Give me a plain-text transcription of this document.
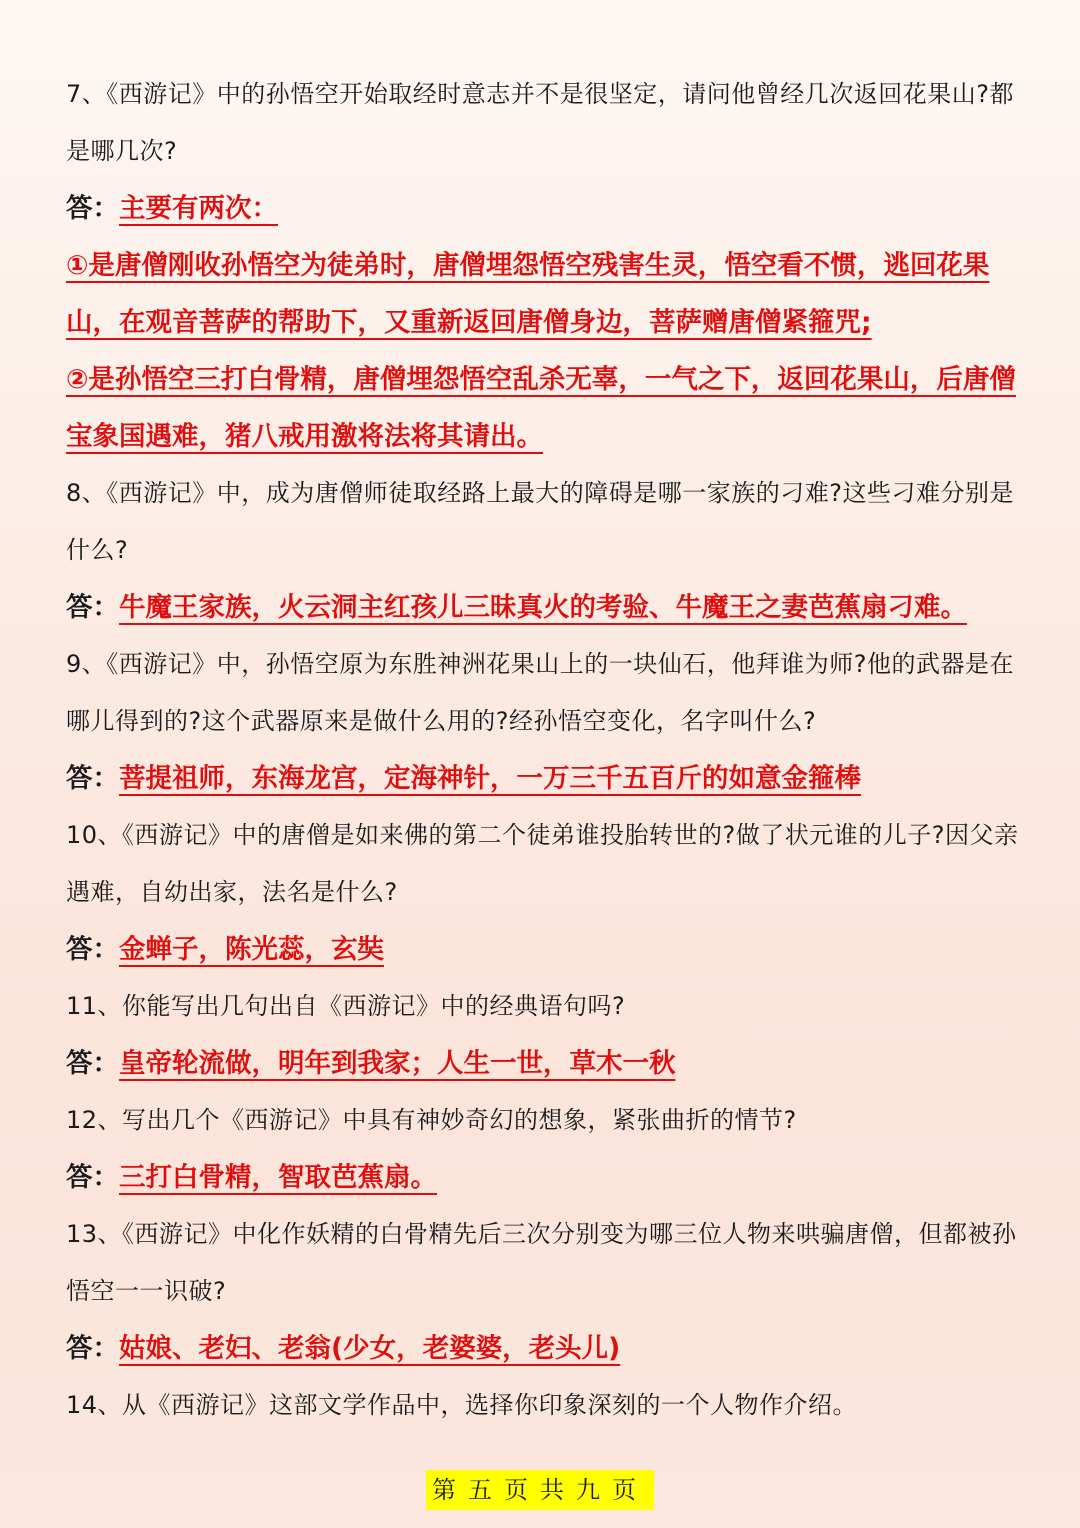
7、《西游记》中的孙悟空开始取经时意志并不是很坚定，请问他曾经几次返回花果山?都是哪几次?

答：主要有两次：

①是唐僧刚收孙悟空为徒弟时，唐僧埋怨悟空残害生灵，悟空看不惯，逃回花果山，在观音菩萨的帮助下，又重新返回唐僧身边，菩萨赠唐僧紧箍咒;

②是孙悟空三打白骨精，唐僧埋怨悟空乱杀无辜，一气之下，返回花果山，后唐僧宝象国遇难，猪八戒用激将法将其请出。

8、《西游记》中，成为唐僧师徒取经路上最大的障碍是哪一家族的刁难?这些刁难分别是什么?

答：牛魔王家族，火云洞主红孩儿三昧真火的考验、牛魔王之妻芭蕉扇刁难。

9、《西游记》中，孙悟空原为东胜神洲花果山上的一块仙石，他拜谁为师?他的武器是在哪儿得到的?这个武器原来是做什么用的?经孙悟空变化，名字叫什么?

答：菩提祖师，东海龙宫，定海神针，一万三千五百斤的如意金箍棒

10、《西游记》中的唐僧是如来佛的第二个徒弟谁投胎转世的?做了状元谁的儿子?因父亲遇难，自幼出家，法名是什么?

答：金蝉子，陈光蕊，玄奘

11、你能写出几句出自《西游记》中的经典语句吗?

答：皇帝轮流做，明年到我家；人生一世，草木一秋

12、写出几个《西游记》中具有神妙奇幻的想象，紧张曲折的情节?

答：三打白骨精，智取芭蕉扇。

13、《西游记》中化作妖精的白骨精先后三次分别变为哪三位人物来哄骗唐僧，但都被孙悟空一一识破?

答：姑娘、老妇、老翁(少女，老婆婆，老头儿)

14、从《西游记》这部文学作品中，选择你印象深刻的一个人物作介绍。

第五页共九页
